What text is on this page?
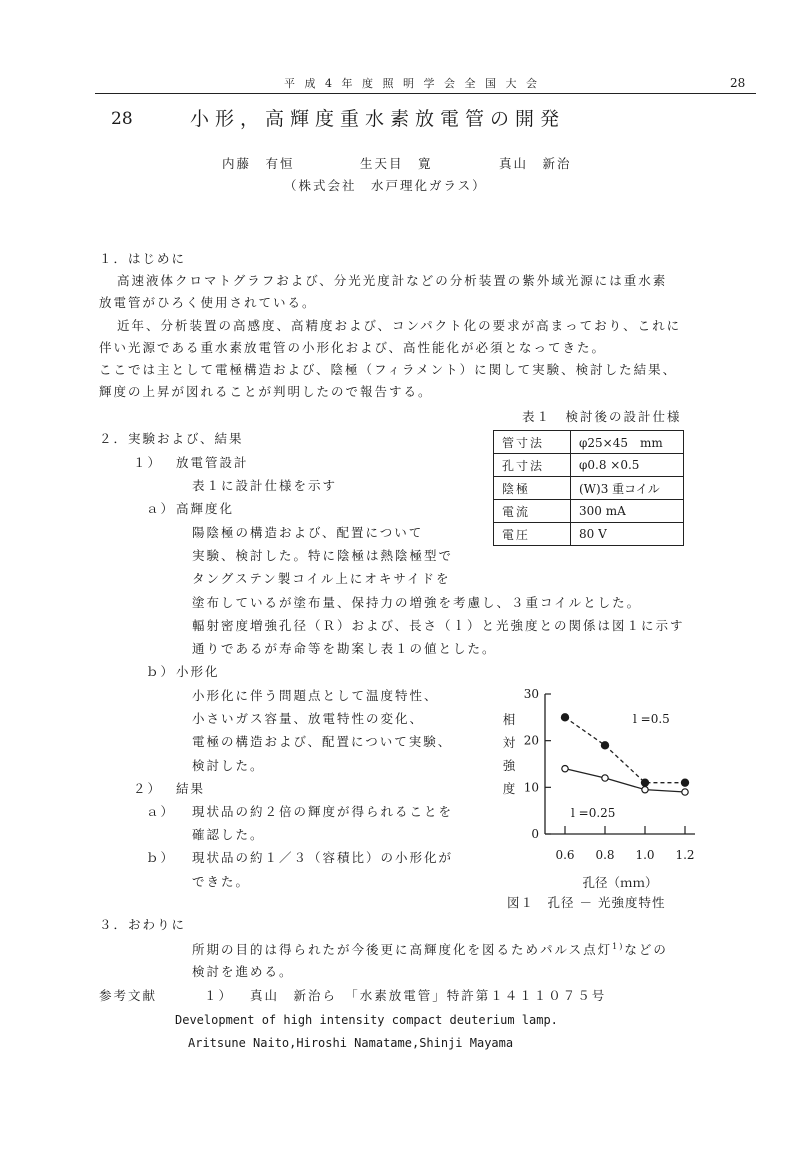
平 成 4 年 度 照 明 学 会 全 国 大 会	28
28	小形，高輝度重水素放電管の開発
内藤　有恒	生天目　寛	真山　新治
（株式会社　水戸理化ガラス）
１．はじめに
高速液体クロマトグラフおよび、分光光度計などの分析装置の紫外域光源には重水素
放電管がひろく使用されている。
近年、分析装置の高感度、高精度および、コンパクト化の要求が高まっており、これに
伴い光源である重水素放電管の小形化および、高性能化が必須となってきた。
ここでは主として電極構造および、陰極（フィラメント）に関して実験、検討した結果、
輝度の上昇が図れることが判明したので報告する。
表１　検討後の設計仕様
管寸法	φ25×45　mm
孔寸法	φ0.8 ×0.5
陰極	(W)3 重コイル
電流	300 mA
電圧	80 V
２．実験および、結果
１） 放電管設計
表１に設計仕様を示す
ａ） 高輝度化
陽陰極の構造および、配置について
実験、検討した。特に陰極は熱陰極型で
タングステン製コイル上にオキサイドを
塗布しているが塗布量、保持力の増強を考慮し、３重コイルとした。
輻射密度増強孔径（Ｒ）および、長さ（ｌ）と光強度との関係は図１に示す
通りであるが寿命等を勘案し表１の値とした。
ｂ） 小形化
小形化に伴う問題点として温度特性、
小さいガス容量、放電特性の変化、
電極の構造および、配置について実験、
検討した。
２） 結果
ａ） 現状品の約２倍の輝度が得られることを
確認した。
ｂ） 現状品の約１／３（容積比）の小形化が
できた。
0
10
20
30
0.6 0.8 1.0 1.2
相
対
強
度
孔径（ｍｍ）
l =0.5
l =0.25
図１　孔径 － 光強度特性
３．おわりに
所期の目的は得られたが今後更に高輝度化を図るためパルス点灯$^{1)}$などの
検討を進める。
参考文献	１） 真山　新治ら　「水素放電管」特許第１４１１０７５号
Development of high intensity compact deuterium lamp.
Aritsune Naito,Hiroshi Namatame,Shinji Mayama
